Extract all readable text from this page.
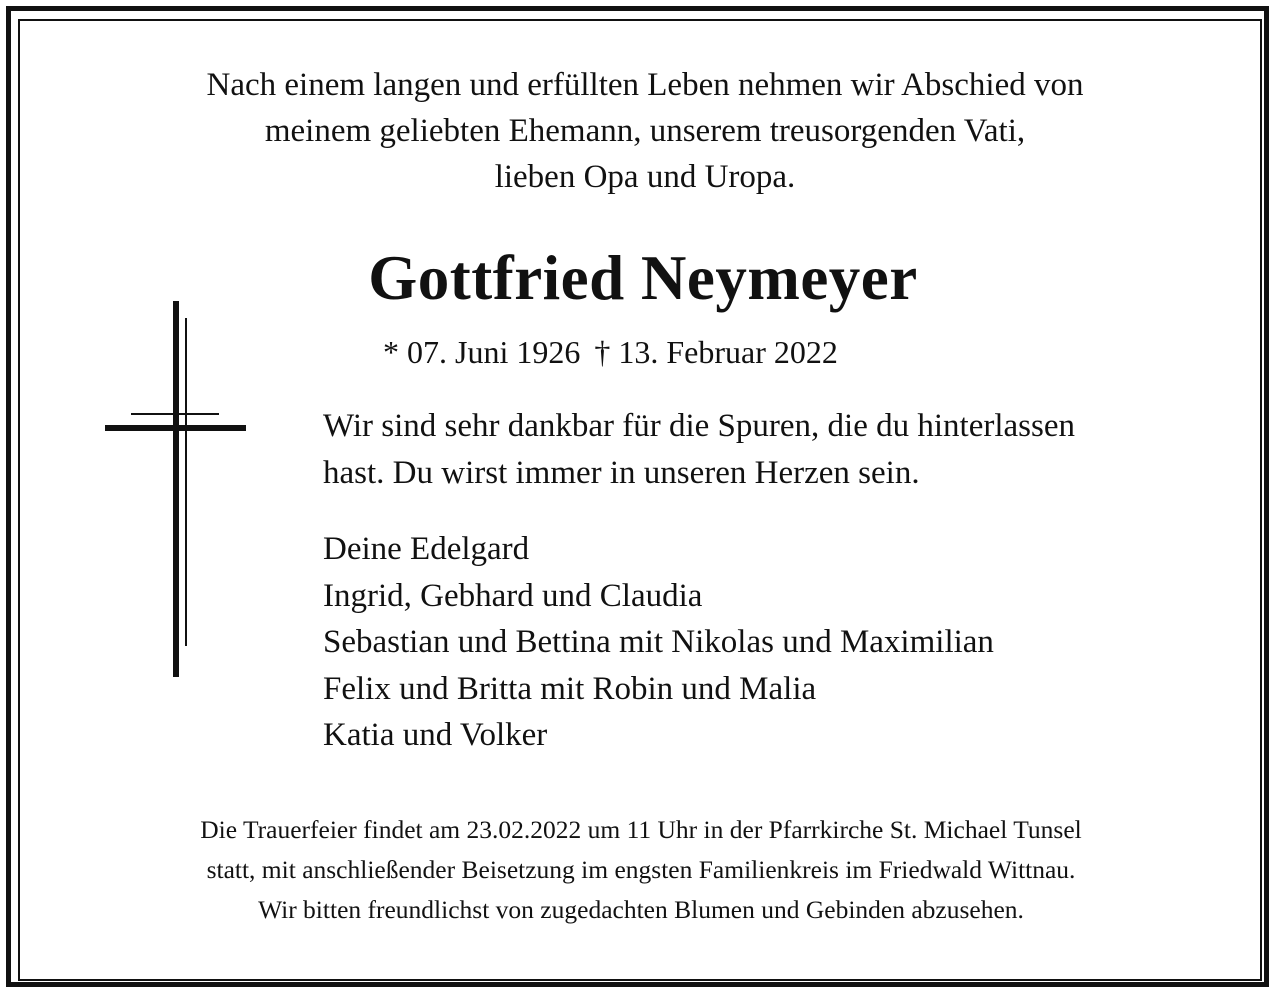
Nach einem langen und erfüllten Leben nehmen wir Abschied von
meinem geliebten Ehemann, unserem treusorgenden Vati,
lieben Opa und Uropa.
Gottfried Neymeyer
* 07. Juni 1926 † 13. Februar 2022
Wir sind sehr dankbar für die Spuren, die du hinterlassen
hast. Du wirst immer in unseren Herzen sein.
Deine Edelgard
Ingrid, Gebhard und Claudia
Sebastian und Bettina mit Nikolas und Maximilian
Felix und Britta mit Robin und Malia
Katia und Volker
Die Trauerfeier findet am 23.02.2022 um 11 Uhr in der Pfarrkirche St. Michael Tunsel
statt, mit anschließender Beisetzung im engsten Familienkreis im Friedwald Wittnau.
Wir bitten freundlichst von zugedachten Blumen und Gebinden abzusehen.
